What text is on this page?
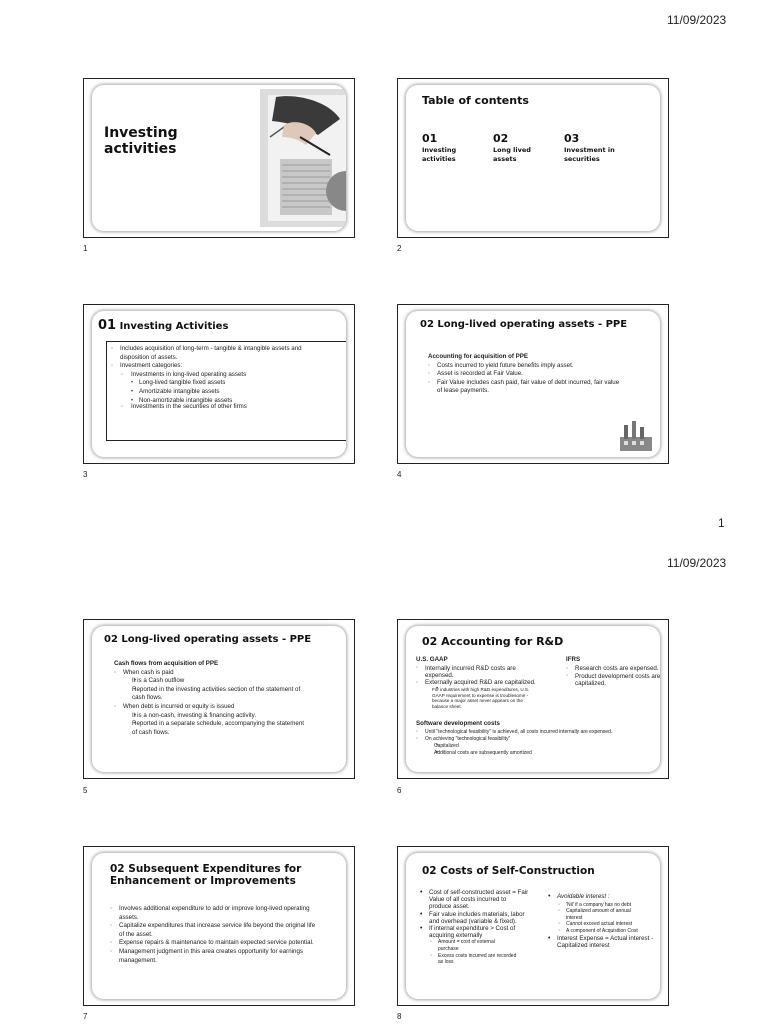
11/09/2023
Investing
activities
1
Table of contents
01
Investing
activities
02
Long lived
assets
03
Investment in
securities
2
01 Investing Activities
◦ Includes acquisition of long-term - tangible & intangible assets and
disposition of assets.
◦ Investment categories:
◦ Investments in long-lived operating assets
• Long-lived tangible fixed assets
• Amortizable intangible assets
• Non-amortizable intangible assets
◦ Investments in the securities of other firms
3
02 Long-lived operating assets - PPE
Accounting for acquisition of PPE
◦ Costs incurred to yield future benefits imply asset.
◦ Asset is recorded at Fair Value.
◦ Fair Value includes cash paid, fair value of debt incurred, fair value
of lease payments.
4
1
11/09/2023
02 Long-lived operating assets - PPE
Cash flows from acquisition of PPE
◦ When cash is paid
• It is a Cash outflow
• Reported in the investing activities section of the statement of
cash flows.
◦ When debt is incurred or equity is issued
• It is a non-cash, investing & financing activity.
• Reported in a separate schedule, accompanying the statement
of cash flows.
5
02 Accounting for R&D
U.S. GAAP
◦ Internally incurred R&D costs are
expensed.
◦ Externally acquired R&D are capitalized.
• For industries with high R&D expenditures, U.S.
GAAP requirement to expense is troublesome -
because a major asset never appears on the
balance sheet.
IFRS
◦ Research costs are expensed.
◦ Product development costs are
capitalized.
Software development costs
◦ Until "technological feasibility" is achieved, all costs incurred internally are expensed.
◦ On achieving "technological feasibility"
• Capitalized
• Additional costs are subsequently amortized
6
02 Subsequent Expenditures for
Enhancement or Improvements
◦ Involves additional expenditure to add or improve long-lived operating
assets.
◦ Capitalize expenditures that increase service life beyond the original life
of the asset.
◦ Expense repairs & maintenance to maintain expected service potential.
◦ Management judgment in this area creates opportunity for earnings
management.
7
02 Costs of Self-Construction
• Cost of self-constructed asset = Fair
Value of all costs incurred to
produce asset.
• Fair value includes materials, labor
and overhead (variable & fixed).
• If internal expenditure > Cost of
acquiring externally
◦ Amount = cost of external
purchase
◦ Excess costs incurred are recorded
as loss
• Avoidable interest :
◦ 'Nil' if a company has no debt
◦ Capitalized amount of annual
interest
◦ Cannot exceed actual interest
◦ A component of Acquisition Cost
• Interest Expense = Actual interest -
Capitalized interest
8
